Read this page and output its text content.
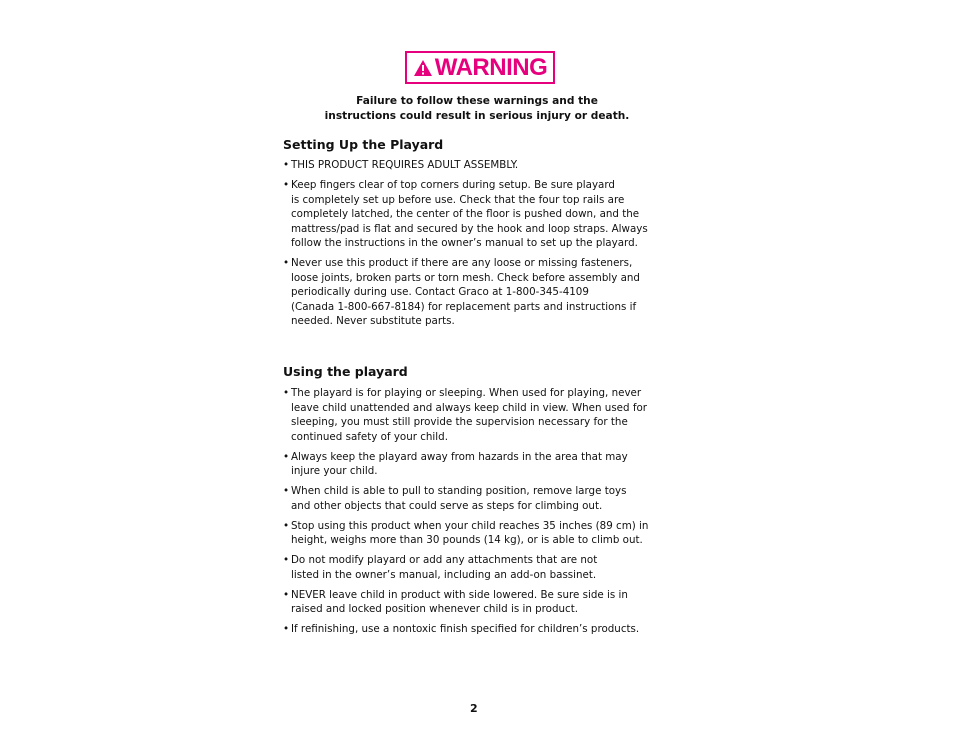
WARNING
Failure to follow these warnings and the
instructions could result in serious injury or death.
Setting Up the Playard
• THIS PRODUCT REQUIRES ADULT ASSEMBLY.
• Keep fingers clear of top corners during setup. Be sure playard
is completely set up before use. Check that the four top rails are
completely latched, the center of the floor is pushed down, and the
mattress/pad is flat and secured by the hook and loop straps. Always
follow the instructions in the owner’s manual to set up the playard.
• Never use this product if there are any loose or missing fasteners,
loose joints, broken parts or torn mesh. Check before assembly and
periodically during use. Contact Graco at 1-800-345-4109
(Canada 1-800-667-8184) for replacement parts and instructions if
needed. Never substitute parts.
Using the playard
• The playard is for playing or sleeping. When used for playing, never
leave child unattended and always keep child in view. When used for
sleeping, you must still provide the supervision necessary for the
continued safety of your child.
• Always keep the playard away from hazards in the area that may
injure your child.
• When child is able to pull to standing position, remove large toys
and other objects that could serve as steps for climbing out.
• Stop using this product when your child reaches 35 inches (89 cm) in
height, weighs more than 30 pounds (14 kg), or is able to climb out.
• Do not modify playard or add any attachments that are not
listed in the owner’s manual, including an add-on bassinet.
• NEVER leave child in product with side lowered. Be sure side is in
raised and locked position whenever child is in product.
• If refinishing, use a nontoxic finish specified for children’s products.
2
